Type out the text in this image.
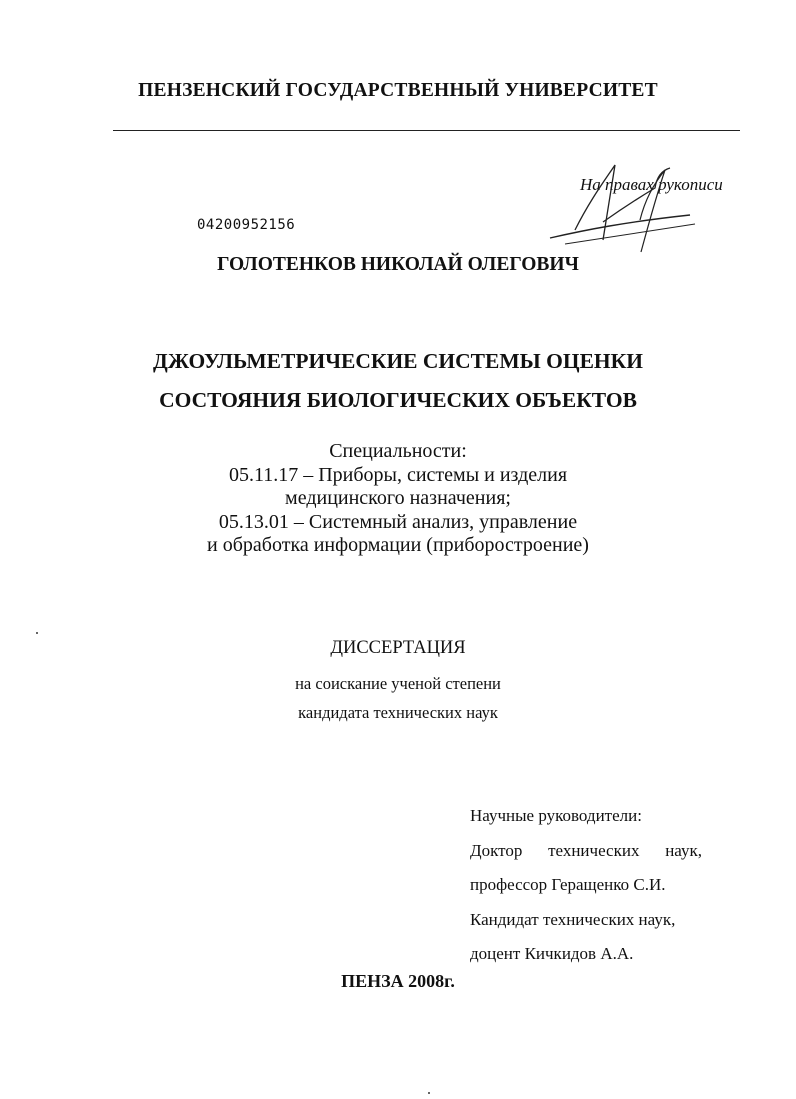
ПЕНЗЕНСКИЙ ГОСУДАРСТВЕННЫЙ УНИВЕРСИТЕТ
На правах рукописи
04200952156
ГОЛОТЕНКОВ НИКОЛАЙ ОЛЕГОВИЧ
ДЖОУЛЬМЕТРИЧЕСКИЕ СИСТЕМЫ ОЦЕНКИ
СОСТОЯНИЯ БИОЛОГИЧЕСКИХ ОБЪЕКТОВ
Специальности:
05.11.17 – Приборы, системы и изделия
медицинского назначения;
05.13.01 – Системный анализ, управление
и обработка информации (приборостроение)
ДИССЕРТАЦИЯ
на соискание ученой степени
кандидата технических наук
Научные руководители:
Доктор технических наук,
профессор Геращенко С.И.
Кандидат технических наук,
доцент Кичкидов А.А.
ПЕНЗА 2008г.
